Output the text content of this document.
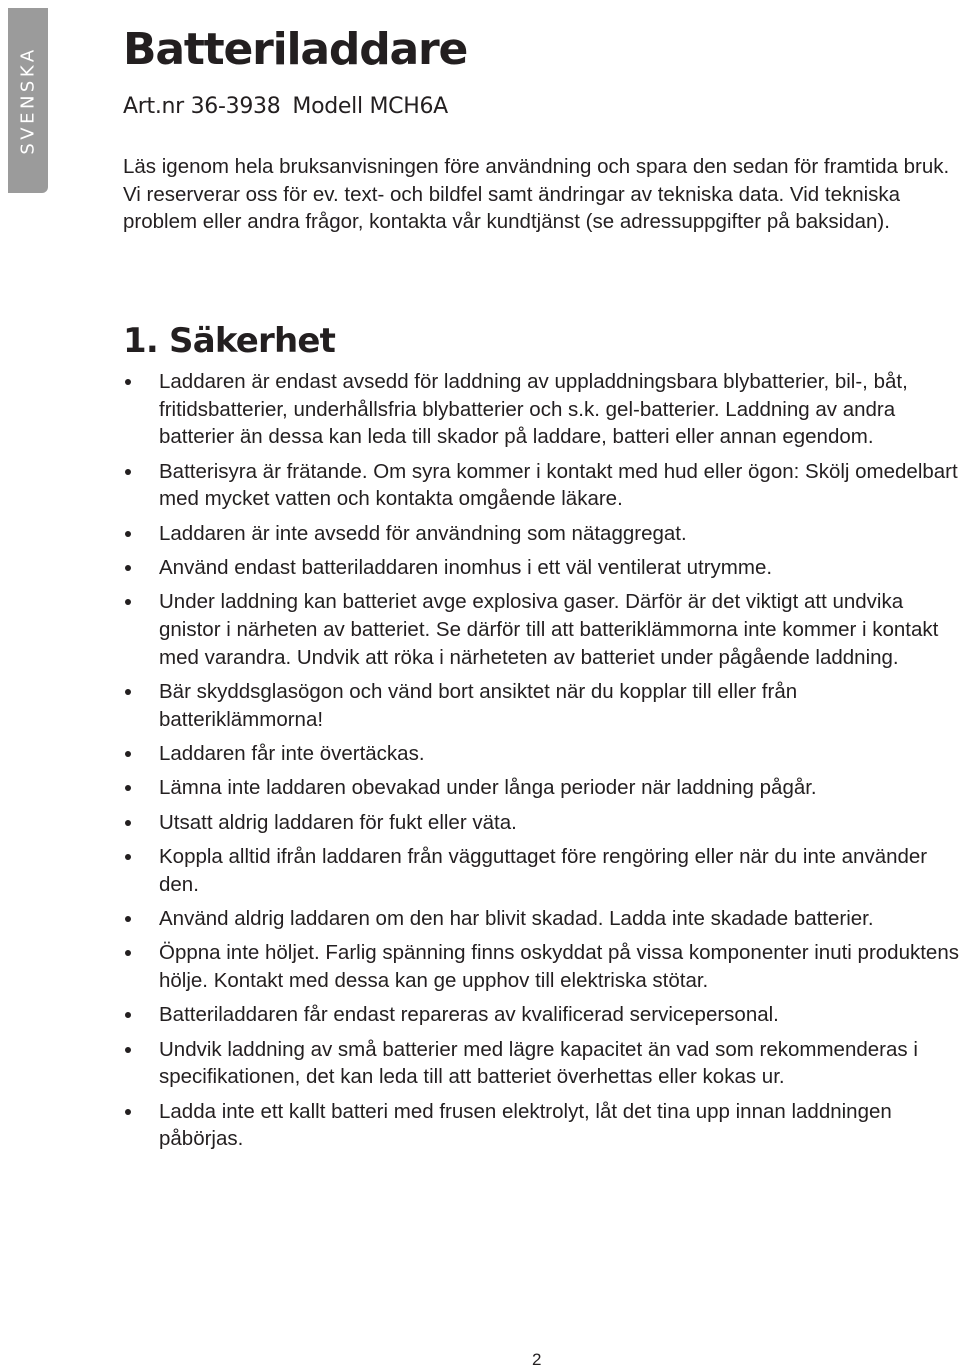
SVENSKA Batteriladdare
Art.nr 36-3938 Modell MCH6A

Läs igenom hela bruksanvisningen före användning och spara den sedan för framtida bruk. Vi reserverar oss för ev. text- och bildfel samt ändringar av tekniska data. Vid tekniska problem eller andra frågor, kontakta vår kundtjänst (se adressuppgifter på baksidan).

1. Säkerhet
Laddaren är endast avsedd för laddning av uppladdningsbara blybatterier, bil-, båt, fritidsbatterier, underhållsfria blybatterier och s.k. gel-batterier. Laddning av andra batterier än dessa kan leda till skador på laddare, batteri eller annan egendom.
Batterisyra är frätande. Om syra kommer i kontakt med hud eller ögon: Skölj omedelbart med mycket vatten och kontakta omgående läkare.
Laddaren är inte avsedd för användning som nätaggregat.
Använd endast batteriladdaren inomhus i ett väl ventilerat utrymme.
Under laddning kan batteriet avge explosiva gaser. Därför är det viktigt att undvika gnistor i närheten av batteriet. Se därför till att batteriklämmorna inte kommer i kontakt med varandra. Undvik att röka i närheteten av batteriet under pågående laddning.
Bär skyddsglasögon och vänd bort ansiktet när du kopplar till eller från batteriklämmorna!
Laddaren får inte övertäckas.
Lämna inte laddaren obevakad under långa perioder när laddning pågår.
Utsatt aldrig laddaren för fukt eller väta.
Koppla alltid ifrån laddaren från vägguttaget före rengöring eller när du inte använder den.
Använd aldrig laddaren om den har blivit skadad. Ladda inte skadade batterier.
Öppna inte höljet. Farlig spänning finns oskyddat på vissa komponenter inuti produktens hölje. Kontakt med dessa kan ge upphov till elektriska stötar.
Batteriladdaren får endast repareras av kvalificerad servicepersonal.
Undvik laddning av små batterier med lägre kapacitet än vad som rekommenderas i specifikationen, det kan leda till att batteriet överhettas eller kokas ur.
Ladda inte ett kallt batteri med frusen elektrolyt, låt det tina upp innan laddningen påbörjas.
2
